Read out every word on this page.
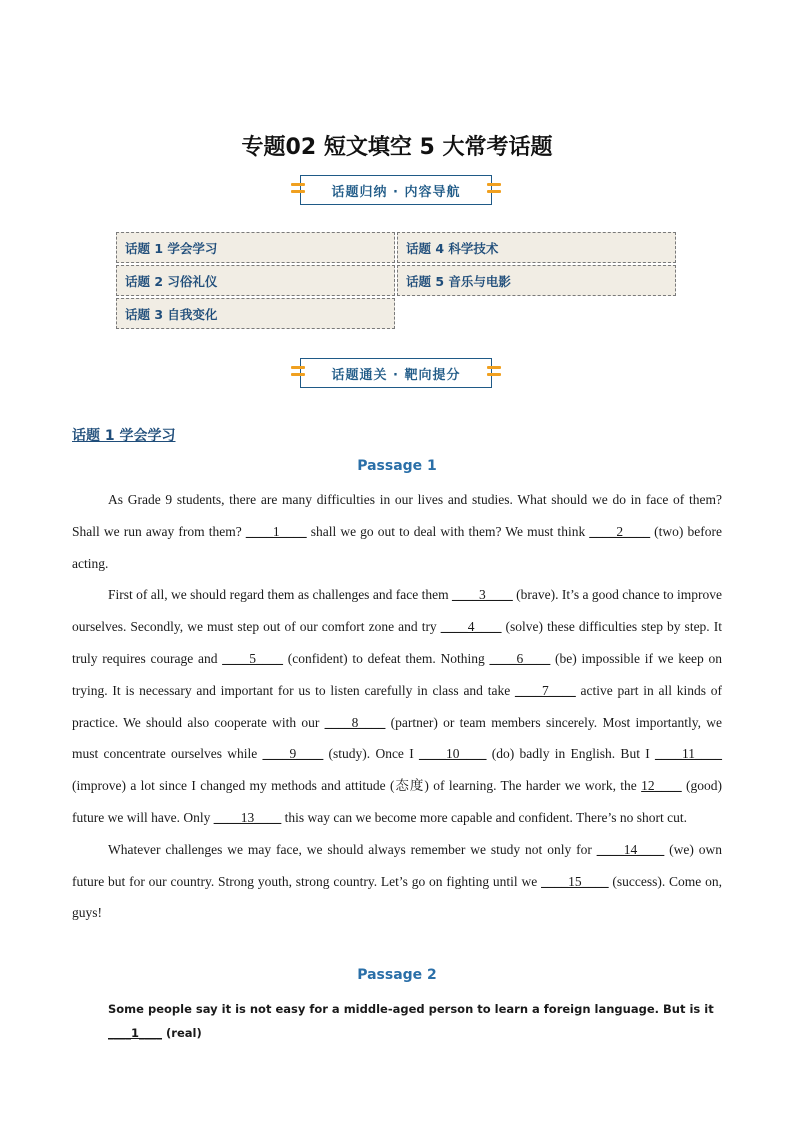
专题02 短文填空 5 大常考话题
话题归纳 · 内容导航
话题 1 学会学习	话题 4 科学技术
话题 2 习俗礼仪	话题 5 音乐与电影
话题 3 自我变化
话题通关 · 靶向提分
话题 1 学会学习
Passage 1

As Grade 9 students, there are many difficulties in our lives and studies. What should we do in face of them? Shall we run away from them? ____1____ shall we go out to deal with them? We must think ____2____ (two) before acting.

First of all, we should regard them as challenges and face them ____3____ (brave). It’s a good chance to improve ourselves. Secondly, we must step out of our comfort zone and try ____4____ (solve) these difficulties step by step. It truly requires courage and ____5____ (confident) to defeat them. Nothing ____6____ (be) impossible if we keep on trying. It is necessary and important for us to listen carefully in class and take ____7____ active part in all kinds of practice. We should also cooperate with our ____8____ (partner) or team members sincerely. Most importantly, we must concentrate ourselves while ____9____ (study). Once I ____10____ (do) badly in English. But I ____11____ (improve) a lot since I changed my methods and attitude (态度) of learning. The harder we work, the 12____ (good) future we will have. Only ____13____ this way can we become more capable and confident. There’s no short cut.

Whatever challenges we may face, we should always remember we study not only for ____14____ (we) own future but for our country. Strong youth, strong country. Let’s go on fighting until we ____15____ (success). Come on, guys!

Passage 2
Some people say it is not easy for a middle-aged person to learn a foreign language. But is it ____1____ (real)
